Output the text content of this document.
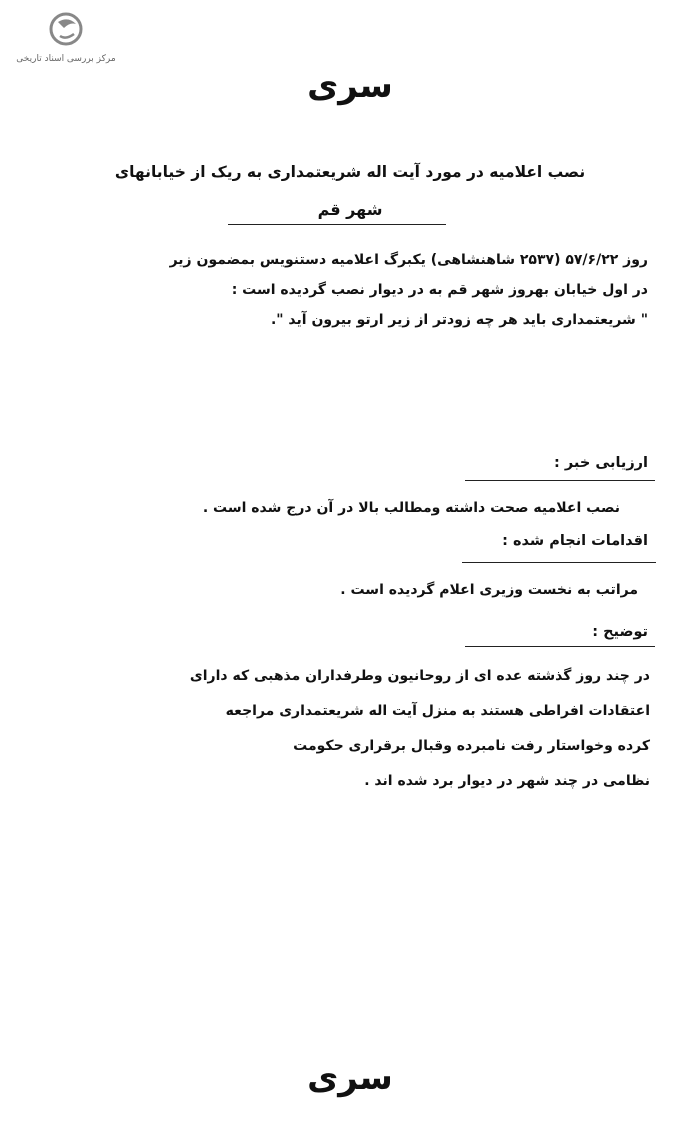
مرکز بررسی اسناد تاریخی
سری
نصب اعلامیه در مورد آیت اله شریعتمداری به ریک از خیابانهای
شهر قم
روز ۵۷/۶/۲۲ (۲۵۳۷ شاهنشاهی) یکبرگ اعلامیه دستنویس بمضمون زیر
در اول خیابان بهروز شهر قم به در دیوار نصب گردیده است :
" شریعتمداری باید هر چه زودتر از زیر ارتو بیرون آید ".
ارزیابی خبر :
نصب اعلامیه صحت داشته ومطالب بالا در آن درج شده است .
اقدامات انجام شده :
مراتب به نخست وزیری اعلام گردیده است .
توضیح :
در چند روز گذشته عده ای از روحانیون وطرفداران مذهبی که دارای
اعتقادات افراطی هستند به منزل آیت اله شریعتمداری مراجعه
کرده وخواستار رفت نامبرده وقبال برقراری حکومت
نظامی در چند شهر در دیوار برد شده اند .
سری
